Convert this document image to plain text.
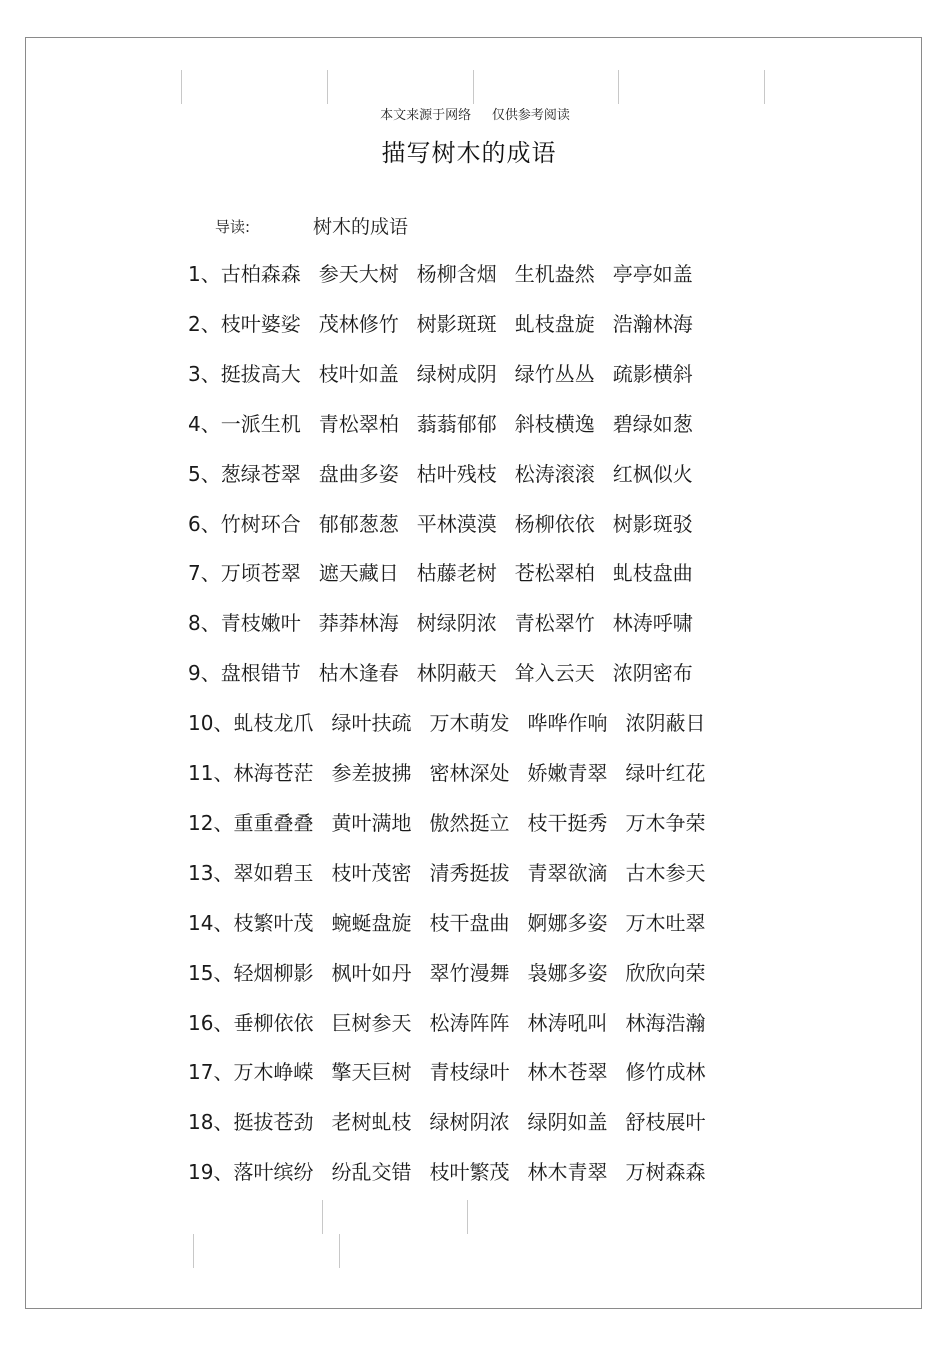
本文来源于网络     仅供参考阅读
描写树木的成语
导读:	树木的成语
1、古柏森森 参天大树 杨柳含烟 生机盎然 亭亭如盖
2、枝叶婆娑 茂林修竹 树影斑斑 虬枝盘旋 浩瀚林海
3、挺拔高大 枝叶如盖 绿树成阴 绿竹丛丛 疏影横斜
4、一派生机 青松翠柏 蓊蓊郁郁 斜枝横逸 碧绿如葱
5、葱绿苍翠 盘曲多姿 枯叶残枝 松涛滚滚 红枫似火
6、竹树环合 郁郁葱葱 平林漠漠 杨柳依依 树影斑驳
7、万顷苍翠 遮天藏日 枯藤老树 苍松翠柏 虬枝盘曲
8、青枝嫩叶 莽莽林海 树绿阴浓 青松翠竹 林涛呼啸
9、盘根错节 枯木逢春 林阴蔽天 耸入云天 浓阴密布
10、虬枝龙爪 绿叶扶疏 万木萌发 哗哗作响 浓阴蔽日
11、林海苍茫 参差披拂 密林深处 娇嫩青翠 绿叶红花
12、重重叠叠 黄叶满地 傲然挺立 枝干挺秀 万木争荣
13、翠如碧玉 枝叶茂密 清秀挺拔 青翠欲滴 古木参天
14、枝繁叶茂 蜿蜒盘旋 枝干盘曲 婀娜多姿 万木吐翠
15、轻烟柳影 枫叶如丹 翠竹漫舞 袅娜多姿 欣欣向荣
16、垂柳依依 巨树参天 松涛阵阵 林涛吼叫 林海浩瀚
17、万木峥嵘 擎天巨树 青枝绿叶 林木苍翠 修竹成林
18、挺拔苍劲 老树虬枝 绿树阴浓 绿阴如盖 舒枝展叶
19、落叶缤纷 纷乱交错 枝叶繁茂 林木青翠 万树森森
